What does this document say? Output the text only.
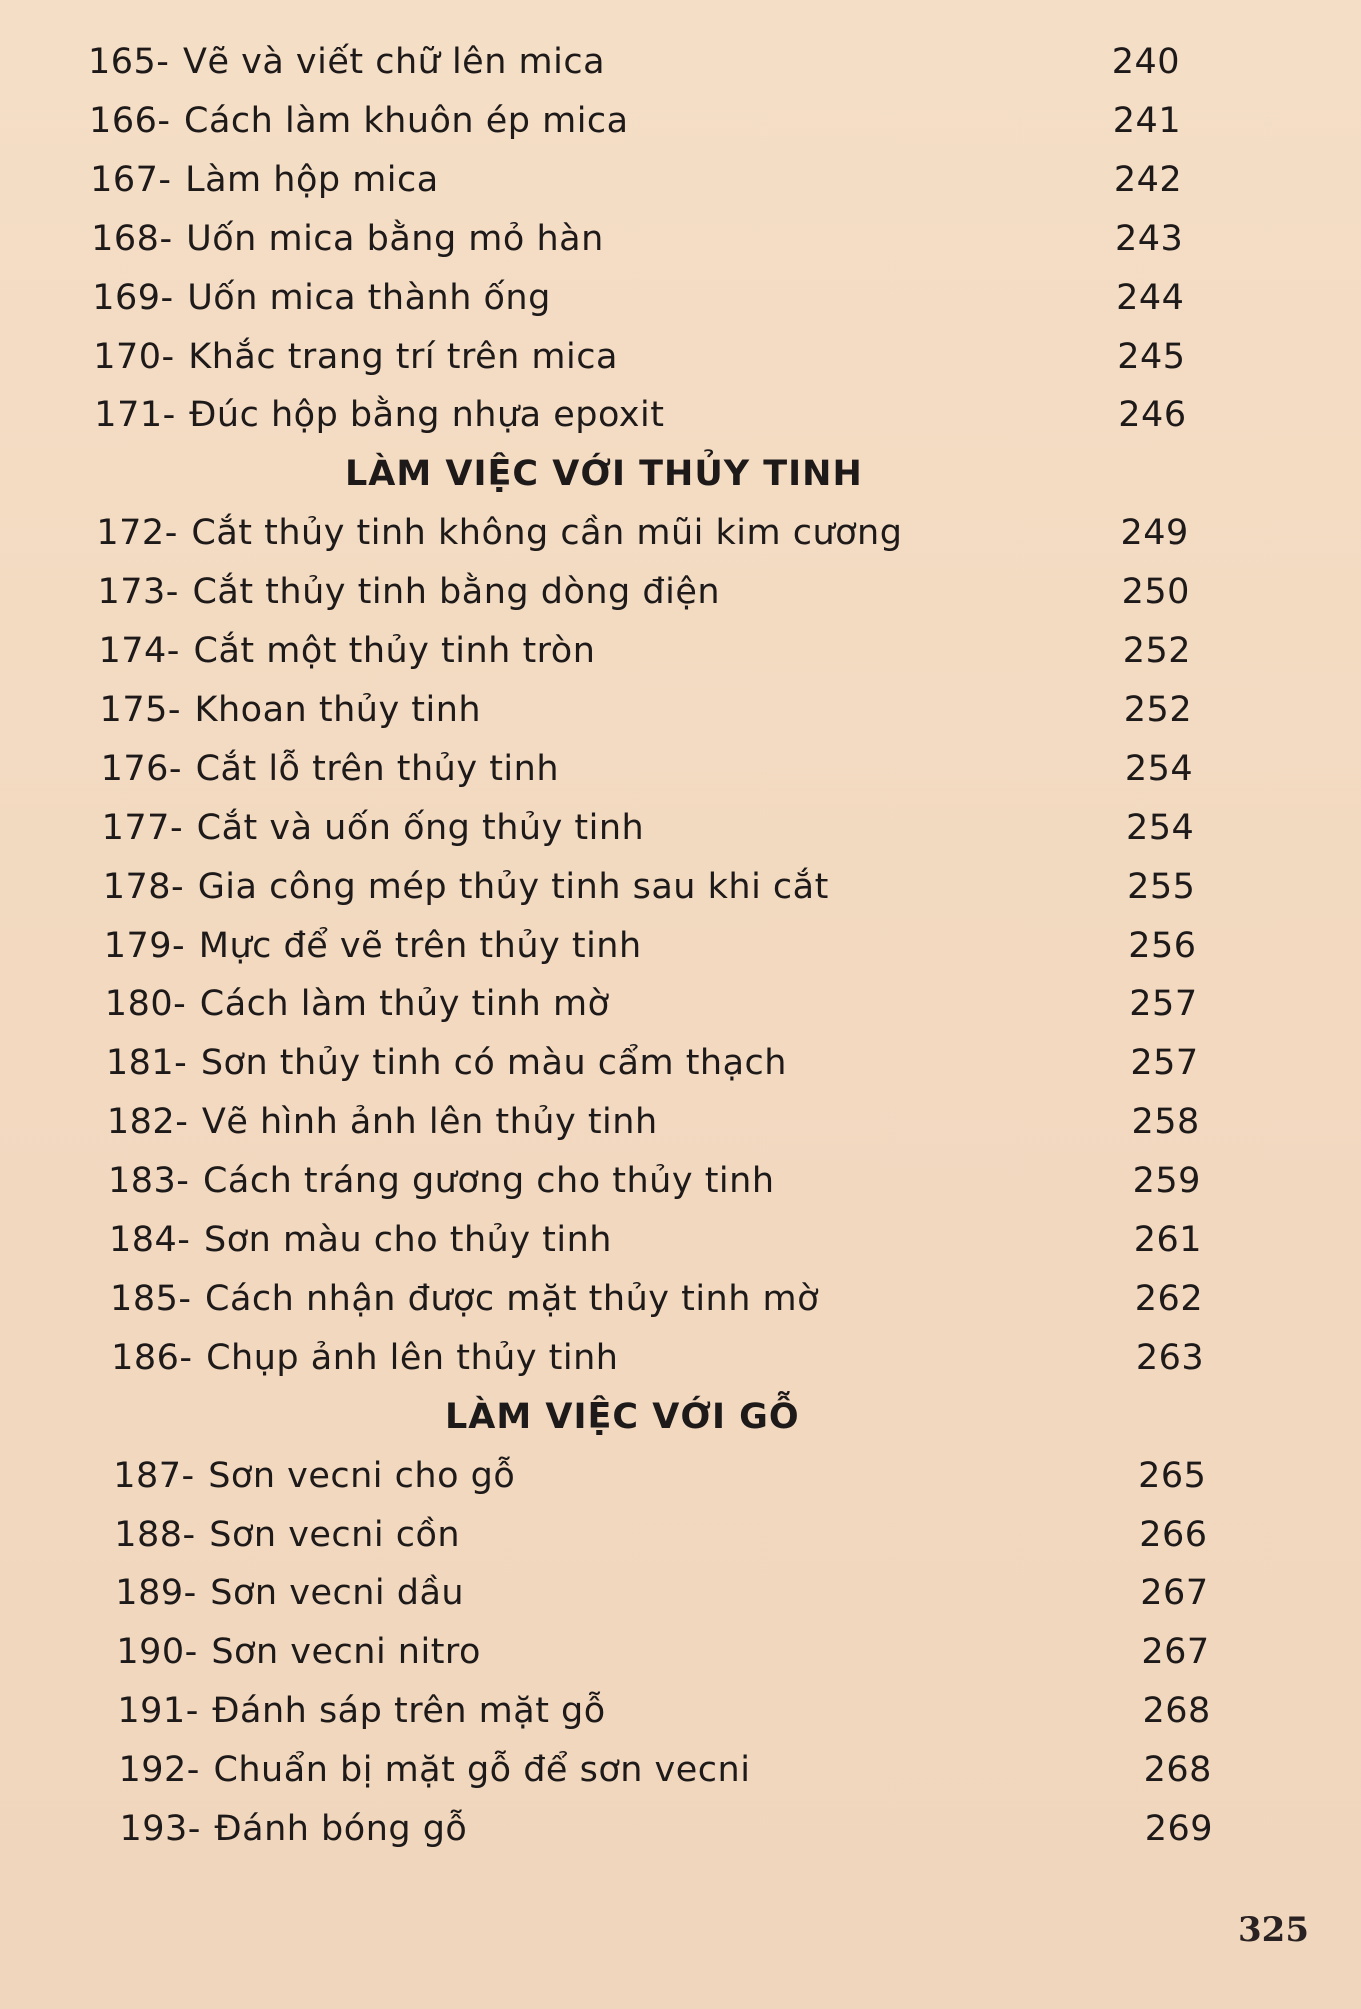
165- Vẽ và viết chữ lên mica	240
166- Cách làm khuôn ép mica	241
167- Làm hộp mica	242
168- Uốn mica bằng mỏ hàn	243
169- Uốn mica thành ống	244
170- Khắc trang trí trên mica	245
171- Đúc hộp bằng nhựa epoxit	246
LÀM VIỆC VỚI THỦY TINH
172- Cắt thủy tinh không cần mũi kim cương	249
173- Cắt thủy tinh bằng dòng điện	250
174- Cắt một thủy tinh tròn	252
175- Khoan thủy tinh	252
176- Cắt lỗ trên thủy tinh	254
177- Cắt và uốn ống thủy tinh	254
178- Gia công mép thủy tinh sau khi cắt	255
179- Mực để vẽ trên thủy tinh	256
180- Cách làm thủy tinh mờ	257
181- Sơn thủy tinh có màu cẩm thạch	257
182- Vẽ hình ảnh lên thủy tinh	258
183- Cách tráng gương cho thủy tinh	259
184- Sơn màu cho thủy tinh	261
185- Cách nhận được mặt thủy tinh mờ	262
186- Chụp ảnh lên thủy tinh	263
LÀM VIỆC VỚI GỖ
187- Sơn vecni cho gỗ	265
188- Sơn vecni cồn	266
189- Sơn vecni dầu	267
190- Sơn vecni nitro	267
191- Đánh sáp trên mặt gỗ	268
192- Chuẩn bị mặt gỗ để sơn vecni	268
193- Đánh bóng gỗ	269
325
